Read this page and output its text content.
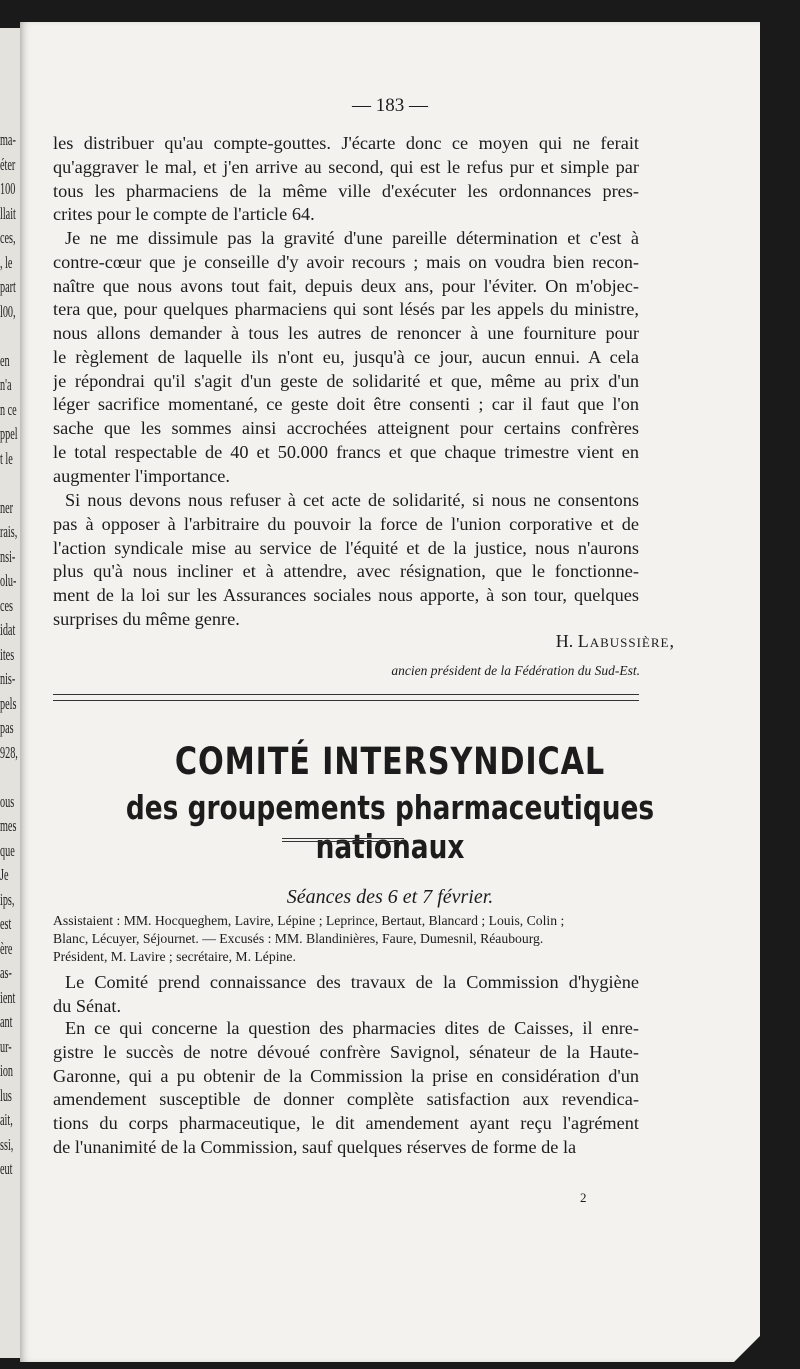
ma-
éter
100
llait
ces,
, le
part
l00,
en
n'a
n ce
ppel
t le
ner
rais,
nsi-
olu-
ces
idat
ites
nis-
pels
pas
928,
ous
mes
que
Je
ips,
est
ère
as-
ient
ant
ur-
ion
lus
ait,
ssi,
eut
— 183 —
les distribuer qu'au compte-gouttes. J'écarte donc ce moyen qui ne ferait
qu'aggraver le mal, et j'en arrive au second, qui est le refus pur et simple par
tous les pharmaciens de la même ville d'exécuter les ordonnances pres-
crites pour le compte de l'article 64.
Je ne me dissimule pas la gravité d'une pareille détermination et c'est à
contre-cœur que je conseille d'y avoir recours ; mais on voudra bien recon-
naître que nous avons tout fait, depuis deux ans, pour l'éviter. On m'objec-
tera que, pour quelques pharmaciens qui sont lésés par les appels du ministre,
nous allons demander à tous les autres de renoncer à une fourniture pour
le règlement de laquelle ils n'ont eu, jusqu'à ce jour, aucun ennui. A cela
je répondrai qu'il s'agit d'un geste de solidarité et que, même au prix d'un
léger sacrifice momentané, ce geste doit être consenti ; car il faut que l'on
sache que les sommes ainsi accrochées atteignent pour certains confrères
le total respectable de 40 et 50.000 francs et que chaque trimestre vient en
augmenter l'importance.
Si nous devons nous refuser à cet acte de solidarité, si nous ne consentons
pas à opposer à l'arbitraire du pouvoir la force de l'union corporative et de
l'action syndicale mise au service de l'équité et de la justice, nous n'aurons
plus qu'à nous incliner et à attendre, avec résignation, que le fonctionne-
ment de la loi sur les Assurances sociales nous apporte, à son tour, quelques
surprises du même genre.
H. Labussière,
ancien président de la Fédération du Sud-Est.
COMITÉ INTERSYNDICAL
des groupements pharmaceutiques nationaux
Séances des 6 et 7 février.
Assistaient : MM. Hocqueghem, Lavire, Lépine ; Leprince, Bertaut, Blancard ; Louis, Colin ;
Blanc, Lécuyer, Séjournet. — Excusés : MM. Blandinières, Faure, Dumesnil, Réaubourg.
Président, M. Lavire ; secrétaire, M. Lépine.
Le Comité prend connaissance des travaux de la Commission d'hygiène
du Sénat.
En ce qui concerne la question des pharmacies dites de Caisses, il enre-
gistre le succès de notre dévoué confrère Savignol, sénateur de la Haute-
Garonne, qui a pu obtenir de la Commission la prise en considération d'un
amendement susceptible de donner complète satisfaction aux revendica-
tions du corps pharmaceutique, le dit amendement ayant reçu l'agrément
de l'unanimité de la Commission, sauf quelques réserves de forme de la
2
